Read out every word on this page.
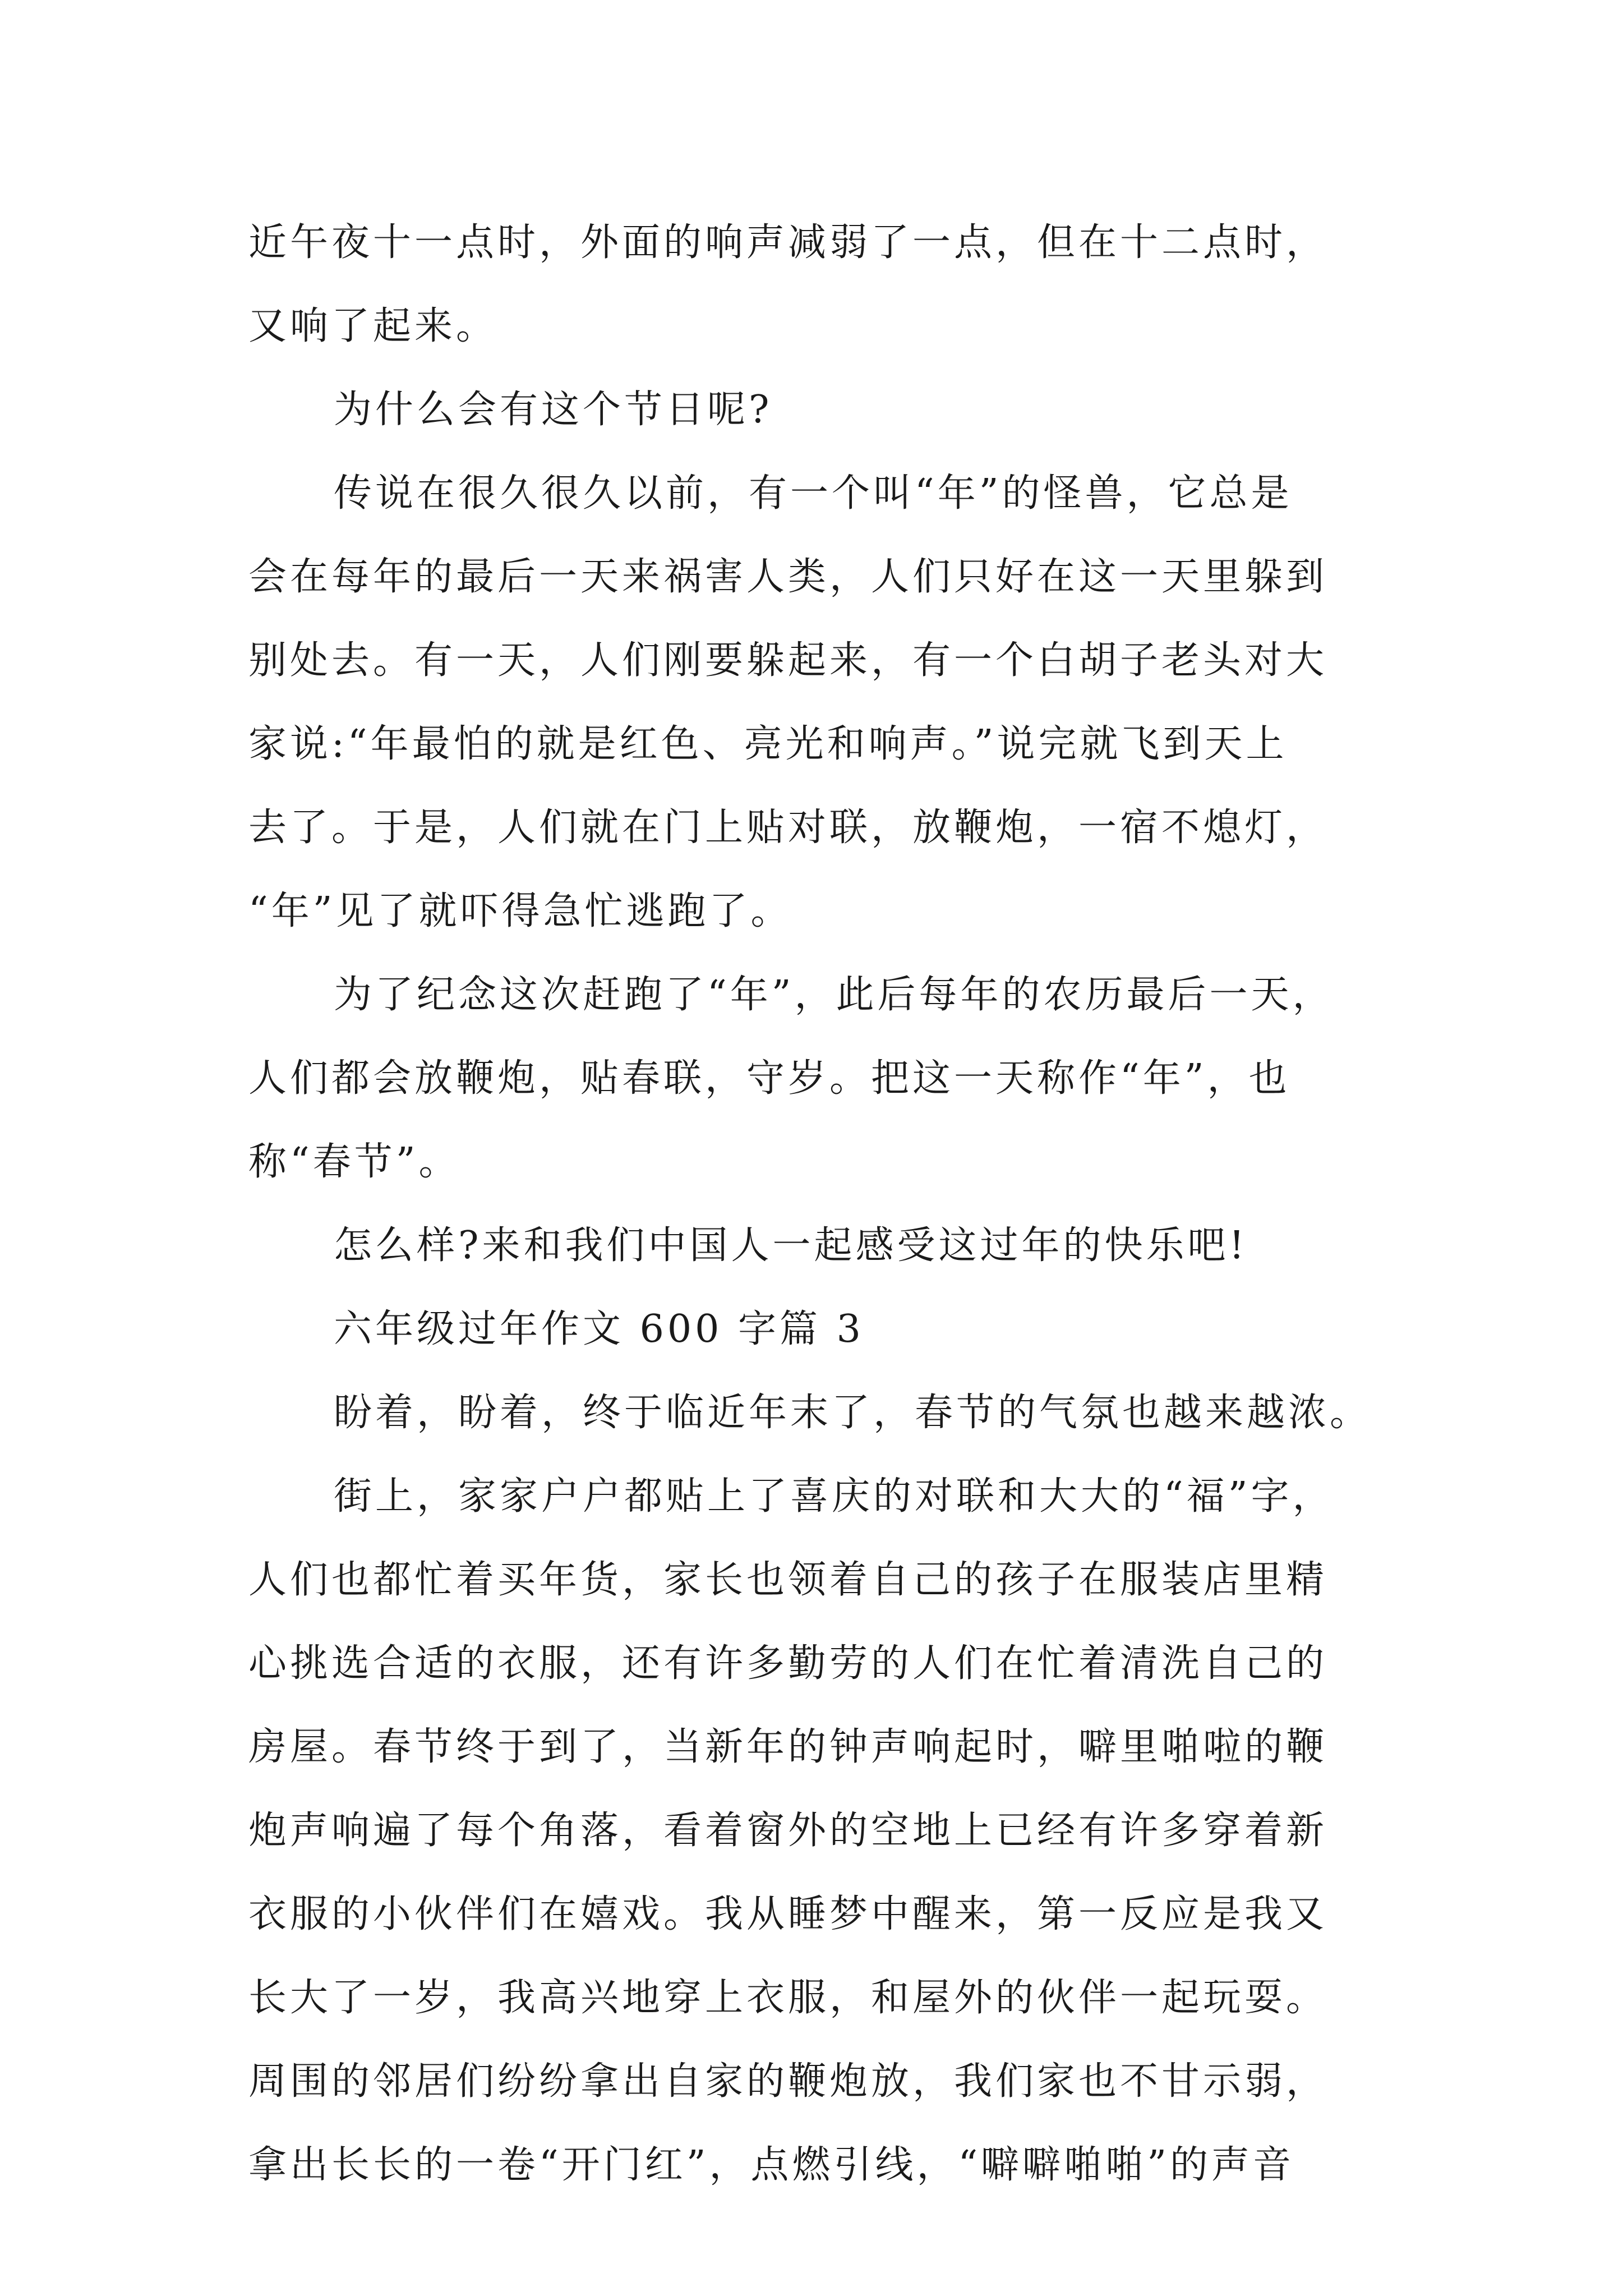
近午夜十一点时，外面的响声减弱了一点，但在十二点时，
又响了起来。
为什么会有这个节日呢?
传说在很久很久以前，有一个叫“年”的怪兽，它总是
会在每年的最后一天来祸害人类，人们只好在这一天里躲到
别处去。有一天，人们刚要躲起来，有一个白胡子老头对大
家说:“年最怕的就是红色、亮光和响声。”说完就飞到天上
去了。于是，人们就在门上贴对联，放鞭炮，一宿不熄灯，
“年”见了就吓得急忙逃跑了。
为了纪念这次赶跑了“年”，此后每年的农历最后一天，
人们都会放鞭炮，贴春联，守岁。把这一天称作“年”，也
称“春节”。
怎么样?来和我们中国人一起感受这过年的快乐吧!
六年级过年作文 600 字篇 3
盼着，盼着，终于临近年末了，春节的气氛也越来越浓。
街上，家家户户都贴上了喜庆的对联和大大的“福”字，
人们也都忙着买年货，家长也领着自己的孩子在服装店里精
心挑选合适的衣服，还有许多勤劳的人们在忙着清洗自己的
房屋。春节终于到了，当新年的钟声响起时，噼里啪啦的鞭
炮声响遍了每个角落，看着窗外的空地上已经有许多穿着新
衣服的小伙伴们在嬉戏。我从睡梦中醒来，第一反应是我又
长大了一岁，我高兴地穿上衣服，和屋外的伙伴一起玩耍。
周围的邻居们纷纷拿出自家的鞭炮放，我们家也不甘示弱，
拿出长长的一卷“开门红”，点燃引线，“噼噼啪啪”的声音
